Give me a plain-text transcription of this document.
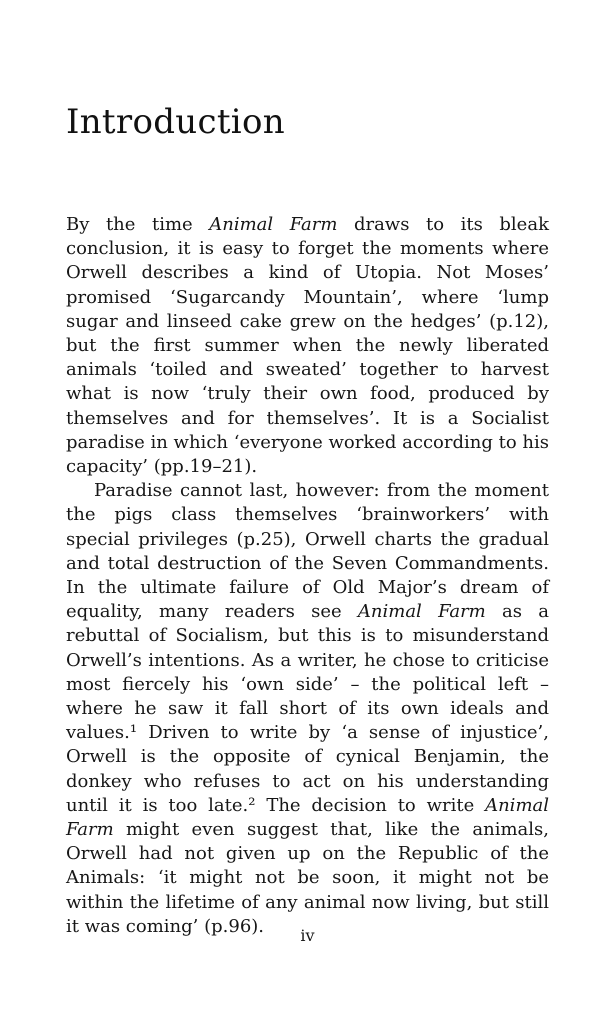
Introduction

By the time Animal Farm draws to its bleak conclusion, it is easy to forget the moments where Orwell describes a kind of Utopia. Not Moses’ promised ‘Sugarcandy Mountain’, where ‘lump sugar and linseed cake grew on the hedges’ (p.12), but the first summer when the newly liberated animals ‘toiled and sweated’ together to harvest what is now ‘truly their own food, produced by themselves and for themselves’. It is a Socialist paradise in which ‘everyone worked according to his capacity’ (pp.19–21).

Paradise cannot last, however: from the moment the pigs class themselves ‘brainworkers’ with special privileges (p.25), Orwell charts the gradual and total destruction of the Seven Commandments. In the ultimate failure of Old Major’s dream of equality, many readers see Animal Farm as a rebuttal of Socialism, but this is to misunderstand Orwell’s intentions. As a writer, he chose to criticise most fiercely his ‘own side’ – the political left – where he saw it fall short of its own ideals and values.¹ Driven to write by ‘a sense of injustice’, Orwell is the opposite of cynical Benjamin, the donkey who refuses to act on his understanding until it is too late.² The decision to write Animal Farm might even suggest that, like the animals, Orwell had not given up on the Republic of the Animals: ‘it might not be soon, it might not be within the lifetime of any animal now living, but still it was coming’ (p.96).	iv
